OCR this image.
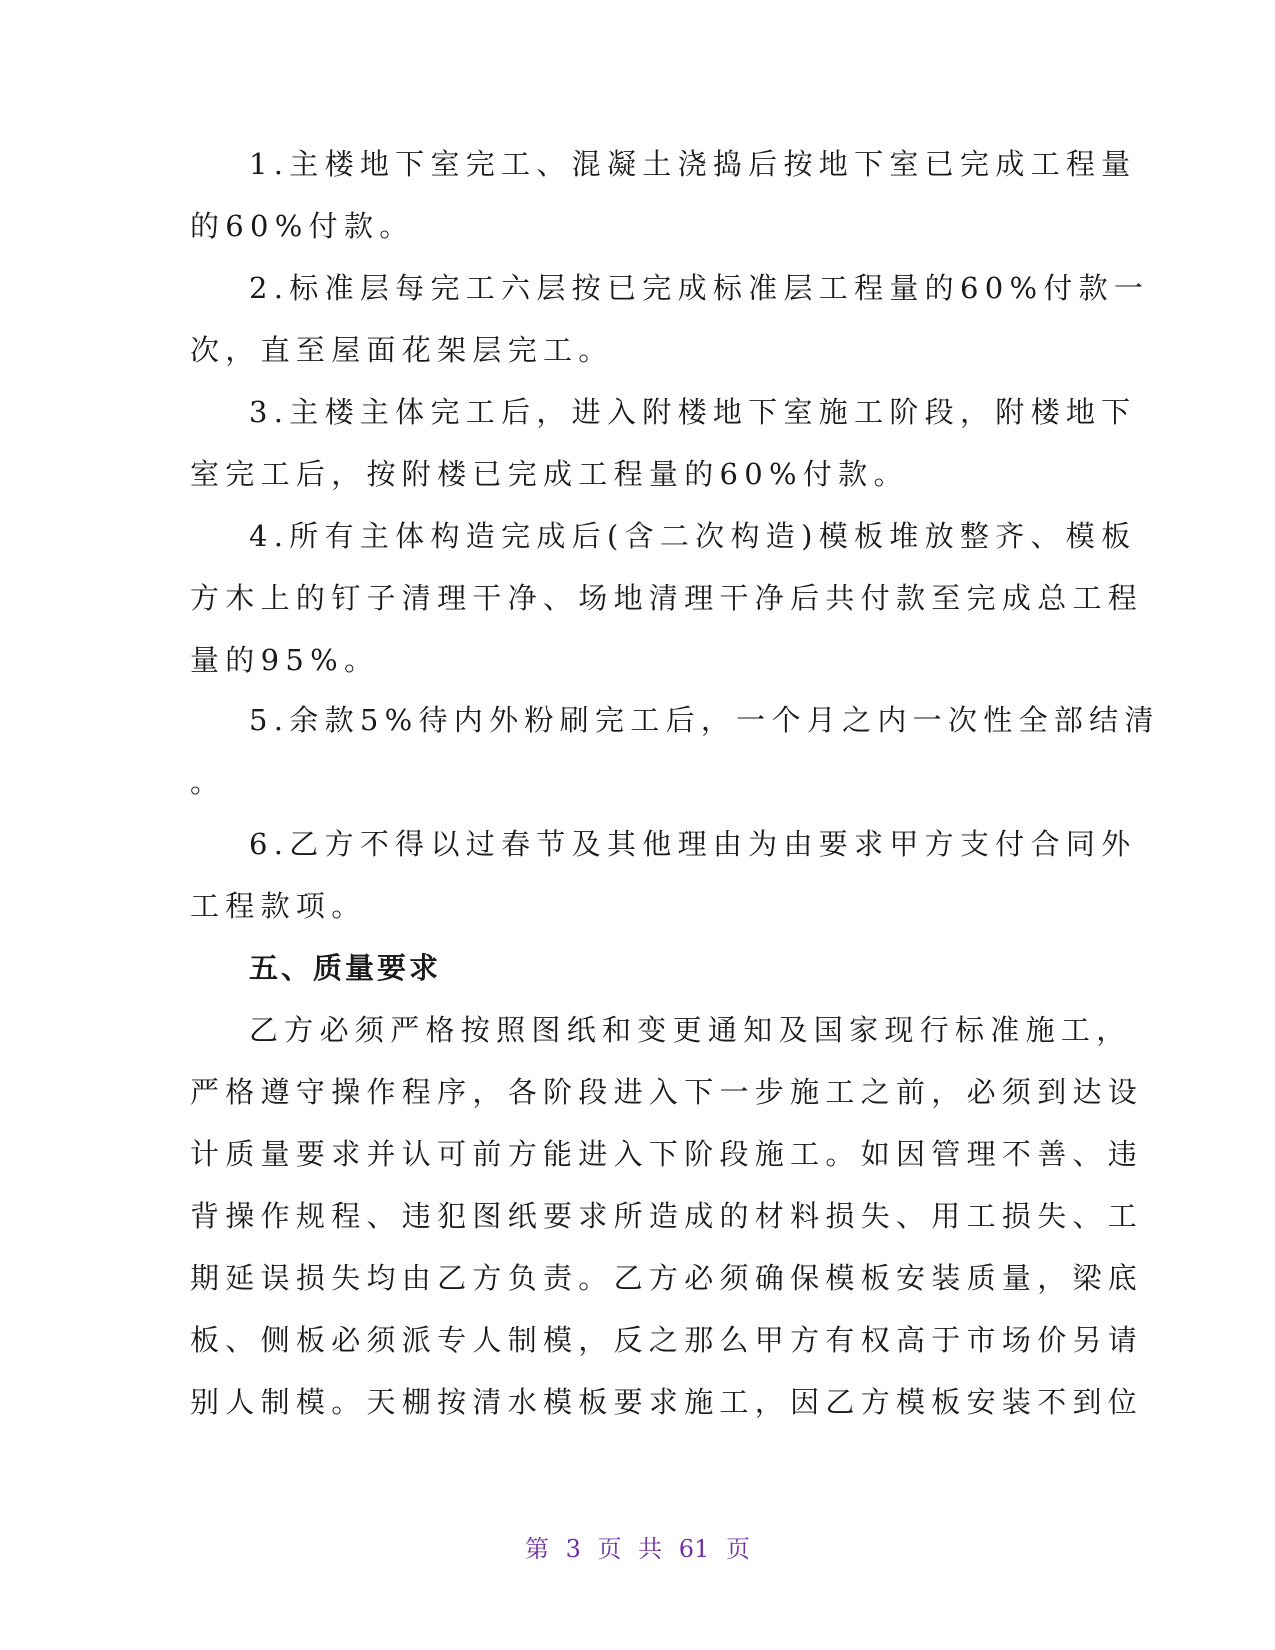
1.主楼地下室完工、混凝土浇捣后按地下室已完成工程量
的60%付款。
2.标准层每完工六层按已完成标准层工程量的60%付款一
次，直至屋面花架层完工。
3.主楼主体完工后，进入附楼地下室施工阶段，附楼地下
室完工后，按附楼已完成工程量的60%付款。
4.所有主体构造完成后(含二次构造)模板堆放整齐、模板
方木上的钉子清理干净、场地清理干净后共付款至完成总工程
量的95%。
5.余款5%待内外粉刷完工后，一个月之内一次性全部结清
。
6.乙方不得以过春节及其他理由为由要求甲方支付合同外
工程款项。
五、质量要求
乙方必须严格按照图纸和变更通知及国家现行标准施工，
严格遵守操作程序，各阶段进入下一步施工之前，必须到达设
计质量要求并认可前方能进入下阶段施工。如因管理不善、违
背操作规程、违犯图纸要求所造成的材料损失、用工损失、工
期延误损失均由乙方负责。乙方必须确保模板安装质量，梁底
板、侧板必须派专人制模，反之那么甲方有权高于市场价另请
别人制模。天棚按清水模板要求施工，因乙方模板安装不到位
第 3 页 共 61 页
